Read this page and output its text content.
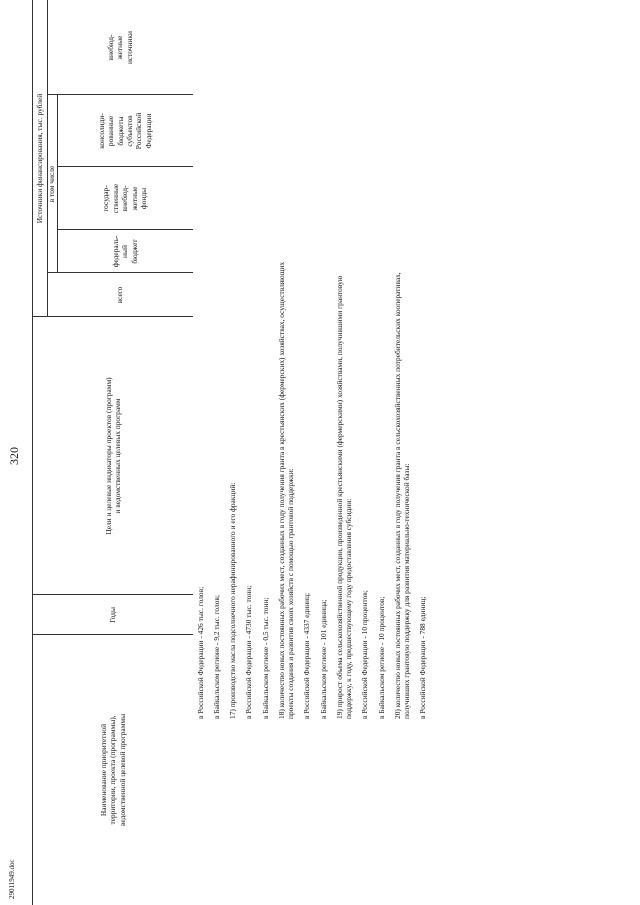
320
Наименование приоритетной
территории, проекта (программы),
ведомственной целевой программы
Годы
Цели и целевые индикаторы проектов (программ)
и ведомственных целевых программ
Источники финансирования, тыс. рублей
всего
в том числе
федераль-
ный
бюджет
государ-
ственные
внебюд-
жетные
фонды
консолиди-
рованные
бюджеты
субъектов
Российской
Федерации
внебюд-
жетные
источники

в Российской Федерации - 426 тыс. голов; в Байкальском регионе - 9,2 тыс. голов; 17) производство масла подсолнечного нерафинированного и его фракций: в Российской Федерации - 4730 тыс. тонн; в Байкальском регионе - 0,5 тыс. тонн; 18) количество новых постоянных рабочих мест, созданных в году получения гранта в крестьянских (фермерских) хозяйствах, осуществляющих проекты создания и развития своих хозяйств с помощью грантовой поддержки: в Российской Федерации - 4337 единиц; в Байкальском регионе - 101 единица; 19) прирост объема сельскохозяйственной продукции, произведенной крестьянскими (фермерскими) хозяйствами, получившими грантовую поддержку, к году, предшествующему году предоставления субсидии: в Российской Федерации - 10 процентов; в Байкальском регионе - 10 процентов; 20) количество новых постоянных рабочих мест, созданных в году получения гранта в сельскохозяйственных потребительских кооперативах, получивших грантовую поддержку для развития материально-технической базы: в Российской Федерации - 788 единиц;

29011949.doc
